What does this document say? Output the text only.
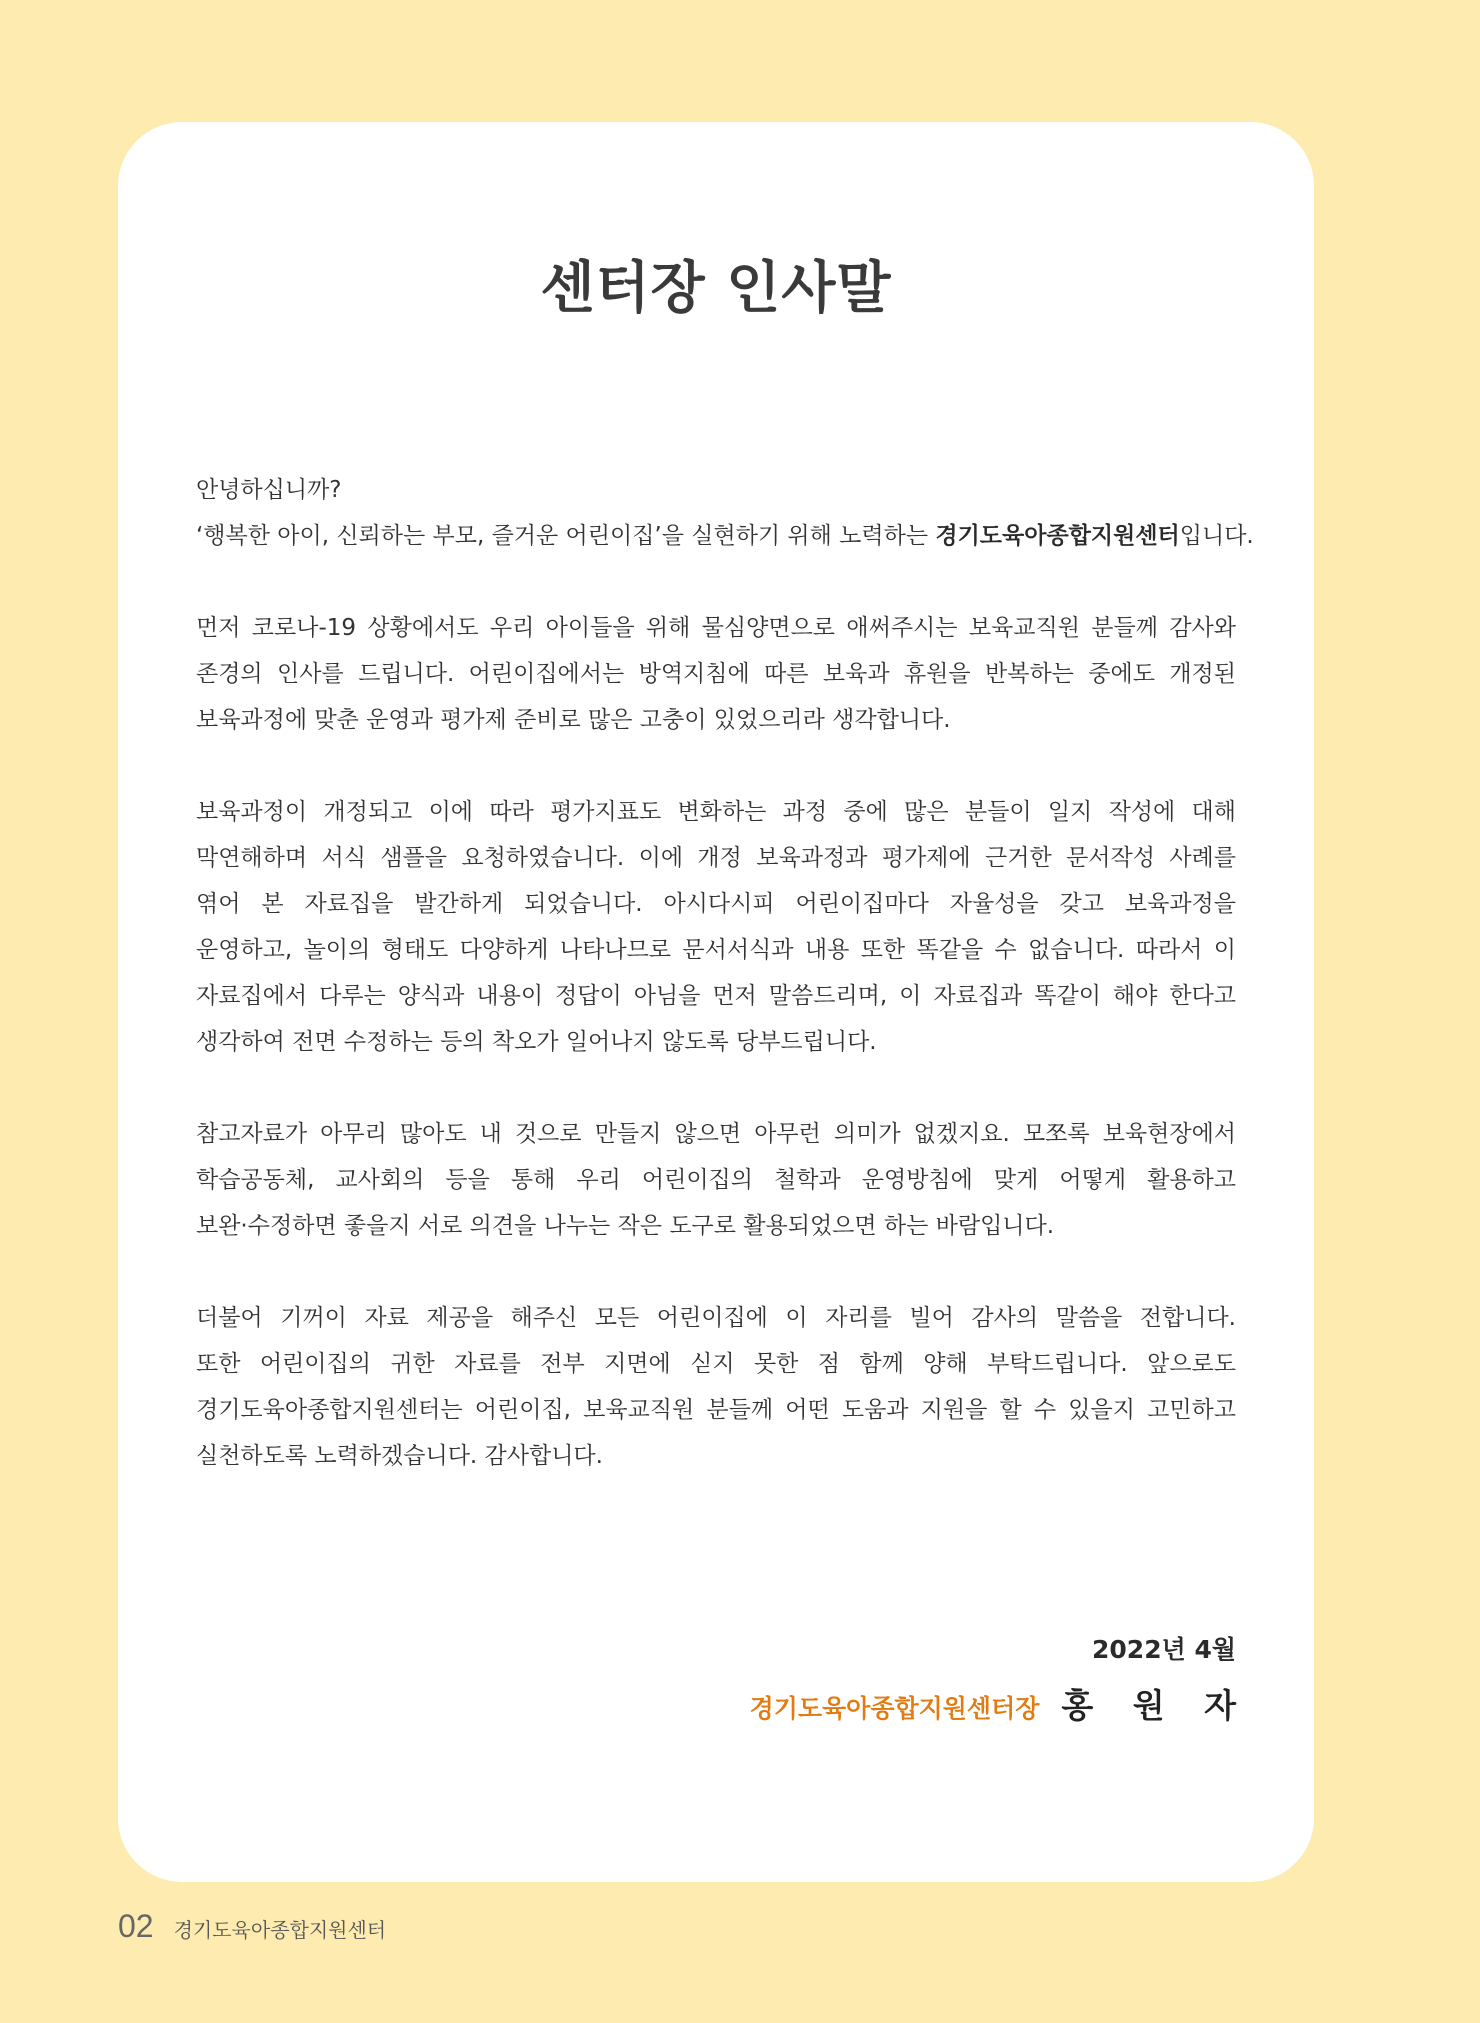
센터장 인사말
안녕하십니까?
‘행복한 아이, 신뢰하는 부모, 즐거운 어린이집’을 실현하기 위해 노력하는 경기도육아종합지원센터입니다.
먼저 코로나-19 상황에서도 우리 아이들을 위해 물심양면으로 애써주시는 보육교직원 분들께 감사와
존경의 인사를 드립니다. 어린이집에서는 방역지침에 따른 보육과 휴원을 반복하는 중에도 개정된
보육과정에 맞춘 운영과 평가제 준비로 많은 고충이 있었으리라 생각합니다.
보육과정이 개정되고 이에 따라 평가지표도 변화하는 과정 중에 많은 분들이 일지 작성에 대해
막연해하며 서식 샘플을 요청하였습니다. 이에 개정 보육과정과 평가제에 근거한 문서작성 사례를
엮어 본 자료집을 발간하게 되었습니다. 아시다시피 어린이집마다 자율성을 갖고 보육과정을
운영하고, 놀이의 형태도 다양하게 나타나므로 문서서식과 내용 또한 똑같을 수 없습니다. 따라서 이
자료집에서 다루는 양식과 내용이 정답이 아님을 먼저 말씀드리며, 이 자료집과 똑같이 해야 한다고
생각하여 전면 수정하는 등의 착오가 일어나지 않도록 당부드립니다.
참고자료가 아무리 많아도 내 것으로 만들지 않으면 아무런 의미가 없겠지요. 모쪼록 보육현장에서
학습공동체, 교사회의 등을 통해 우리 어린이집의 철학과 운영방침에 맞게 어떻게 활용하고
보완·수정하면 좋을지 서로 의견을 나누는 작은 도구로 활용되었으면 하는 바람입니다.
더불어 기꺼이 자료 제공을 해주신 모든 어린이집에 이 자리를 빌어 감사의 말씀을 전합니다.
또한 어린이집의 귀한 자료를 전부 지면에 싣지 못한 점 함께 양해 부탁드립니다. 앞으로도
경기도육아종합지원센터는 어린이집, 보육교직원 분들께 어떤 도움과 지원을 할 수 있을지 고민하고
실천하도록 노력하겠습니다. 감사합니다.
2022년 4월
경기도육아종합지원센터장 홍 원 자
02 경기도육아종합지원센터
